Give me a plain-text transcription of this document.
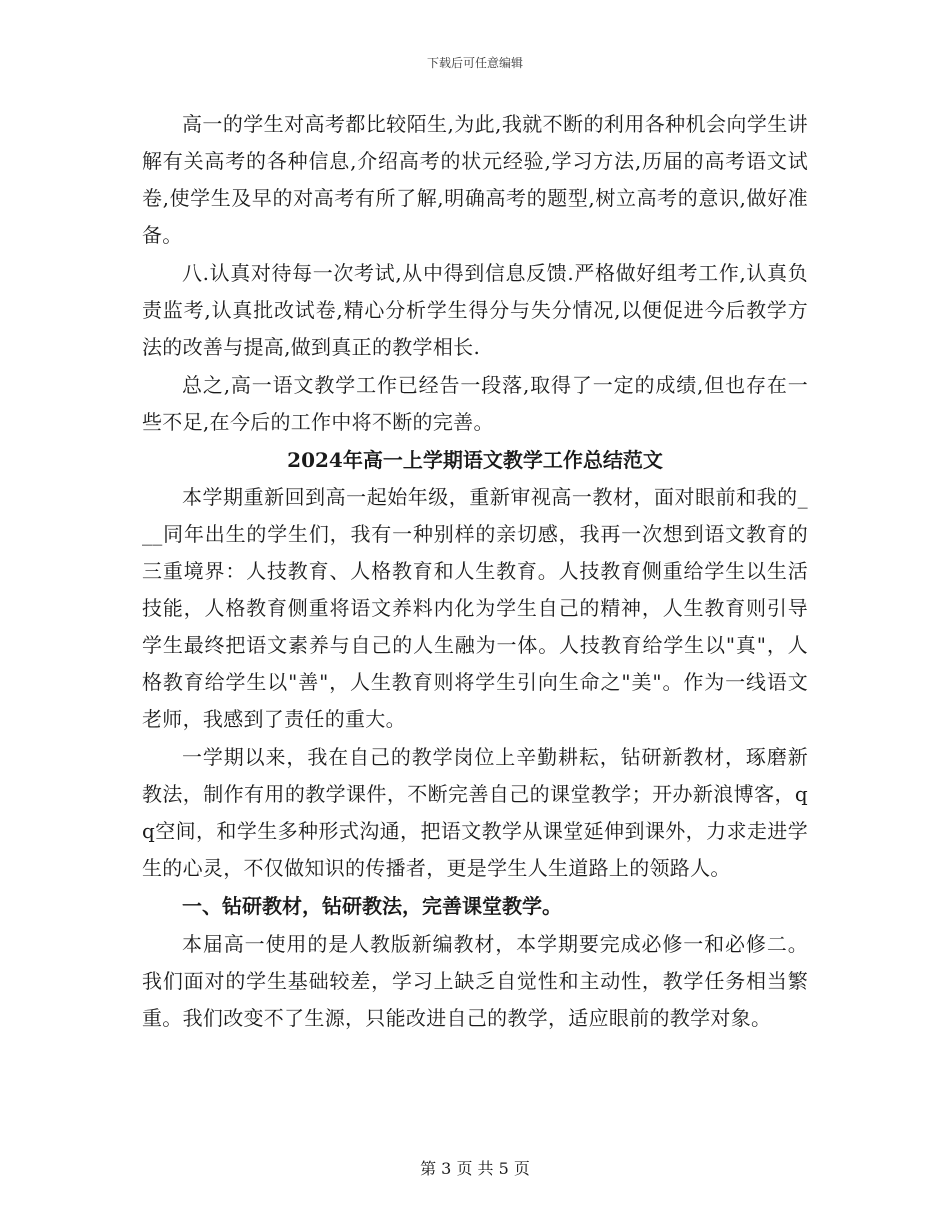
下载后可任意编辑

高一的学生对高考都比较陌生,为此,我就不断的利用各种机会向学生讲解有关高考的各种信息,介绍高考的状元经验,学习方法,历届的高考语文试卷,使学生及早的对高考有所了解,明确高考的题型,树立高考的意识,做好准备。

八.认真对待每一次考试,从中得到信息反馈.严格做好组考工作,认真负责监考,认真批改试卷,精心分析学生得分与失分情况,以便促进今后教学方法的改善与提高,做到真正的教学相长.

总之,高一语文教学工作已经告一段落,取得了一定的成绩,但也存在一些不足,在今后的工作中将不断的完善。

2024年高一上学期语文教学工作总结范文

本学期重新回到高一起始年级，重新审视高一教材，面对眼前和我的___同年出生的学生们，我有一种别样的亲切感，我再一次想到语文教育的三重境界：人技教育、人格教育和人生教育。人技教育侧重给学生以生活技能，人格教育侧重将语文养料内化为学生自己的精神，人生教育则引导学生最终把语文素养与自己的人生融为一体。人技教育给学生以"真"，人格教育给学生以"善"，人生教育则将学生引向生命之"美"。作为一线语文老师，我感到了责任的重大。

一学期以来，我在自己的教学岗位上辛勤耕耘，钻研新教材，琢磨新教法，制作有用的教学课件，不断完善自己的课堂教学；开办新浪博客，qq空间，和学生多种形式沟通，把语文教学从课堂延伸到课外，力求走进学生的心灵，不仅做知识的传播者，更是学生人生道路上的领路人。

一、钻研教材，钻研教法，完善课堂教学。

本届高一使用的是人教版新编教材，本学期要完成必修一和必修二。我们面对的学生基础较差，学习上缺乏自觉性和主动性，教学任务相当繁重。我们改变不了生源，只能改进自己的教学，适应眼前的教学对象。

第 3 页 共 5 页
